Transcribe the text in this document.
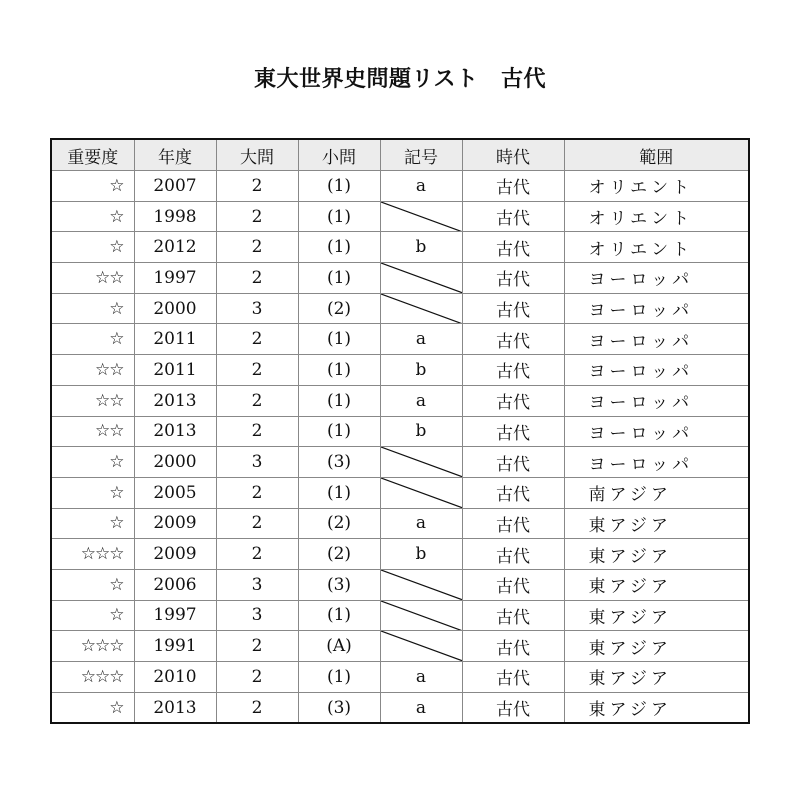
東大世界史問題リスト　古代
重要度	年度	大問	小問	記号	時代	範囲
☆	2007	2	(1)	a	古代	オリエント
☆	1998	2	(1)		古代	オリエント
☆	2012	2	(1)	b	古代	オリエント
☆☆	1997	2	(1)		古代	ヨーロッパ
☆	2000	3	(2)		古代	ヨーロッパ
☆	2011	2	(1)	a	古代	ヨーロッパ
☆☆	2011	2	(1)	b	古代	ヨーロッパ
☆☆	2013	2	(1)	a	古代	ヨーロッパ
☆☆	2013	2	(1)	b	古代	ヨーロッパ
☆	2000	3	(3)		古代	ヨーロッパ
☆	2005	2	(1)		古代	南アジア
☆	2009	2	(2)	a	古代	東アジア
☆☆☆	2009	2	(2)	b	古代	東アジア
☆	2006	3	(3)		古代	東アジア
☆	1997	3	(1)		古代	東アジア
☆☆☆	1991	2	(A)		古代	東アジア
☆☆☆	2010	2	(1)	a	古代	東アジア
☆	2013	2	(3)	a	古代	東アジア
